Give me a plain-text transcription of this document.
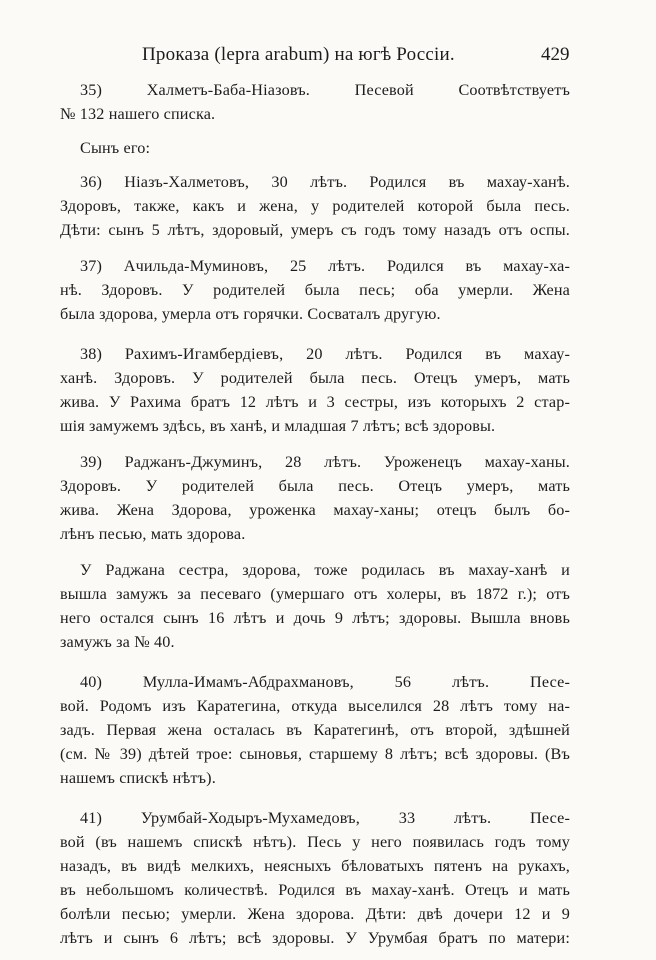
Проказа (lepra arabum) на югѣ Россіи.	429
35) Халметъ-Баба-Ніазовъ. Песевой Соотвѣтствуетъ
№ 132 нашего списка.
Сынъ его:
36) Ніазъ-Халметовъ, 30 лѣтъ. Родился въ махау-ханѣ.
Здоровъ, также, какъ и жена, у родителей которой была песь.
Дѣти: сынъ 5 лѣтъ, здоровый, умеръ съ годъ тому назадъ отъ оспы.
37) Ачильда-Муминовъ, 25 лѣтъ. Родился въ махау-ха-
нѣ. Здоровъ. У родителей была песь; оба умерли. Жена
была здорова, умерла отъ горячки. Сосваталъ другую.
38) Рахимъ-Игамбердіевъ, 20 лѣтъ. Родился въ махау-
ханѣ. Здоровъ. У родителей была песь. Отецъ умеръ, мать
жива. У Рахима братъ 12 лѣтъ и 3 сестры, изъ которыхъ 2 стар-
шія замужемъ здѣсь, въ ханѣ, и младшая 7 лѣтъ; всѣ здоровы.
39) Раджанъ-Джуминъ, 28 лѣтъ. Уроженецъ махау-ханы.
Здоровъ. У родителей была песь. Отецъ умеръ, мать
жива. Жена Здорова, уроженка махау-ханы; отецъ былъ бо-
лѣнъ песью, мать здорова.
У Раджана сестра, здорова, тоже родилась въ махау-ханѣ и
вышла замужъ за песеваго (умершаго отъ холеры, въ 1872 г.); отъ
него остался сынъ 16 лѣтъ и дочь 9 лѣтъ; здоровы. Вышла вновь
замужъ за № 40.
40) Мулла-Имамъ-Абдрахмановъ, 56 лѣтъ. Песе-
вой. Родомъ изъ Каратегина, откуда выселился 28 лѣтъ тому на-
задъ. Первая жена осталась въ Каратегинѣ, отъ второй, здѣшней
(см. № 39) дѣтей трое: сыновья, старшему 8 лѣтъ; всѣ здоровы. (Въ
нашемъ спискѣ нѣтъ).
41) Урумбай-Ходыръ-Мухамедовъ, 33 лѣтъ. Песе-
вой (въ нашемъ спискѣ нѣтъ). Песь у него появилась годъ тому
назадъ, въ видѣ мелкихъ, неясныхъ бѣловатыхъ пятенъ на рукахъ,
въ небольшомъ количествѣ. Родился въ махау-ханѣ. Отецъ и мать
болѣли песью; умерли. Жена здорова. Дѣти: двѣ дочери 12 и 9
лѣтъ и сынъ 6 лѣтъ; всѣ здоровы. У Урумбая братъ по матери:
